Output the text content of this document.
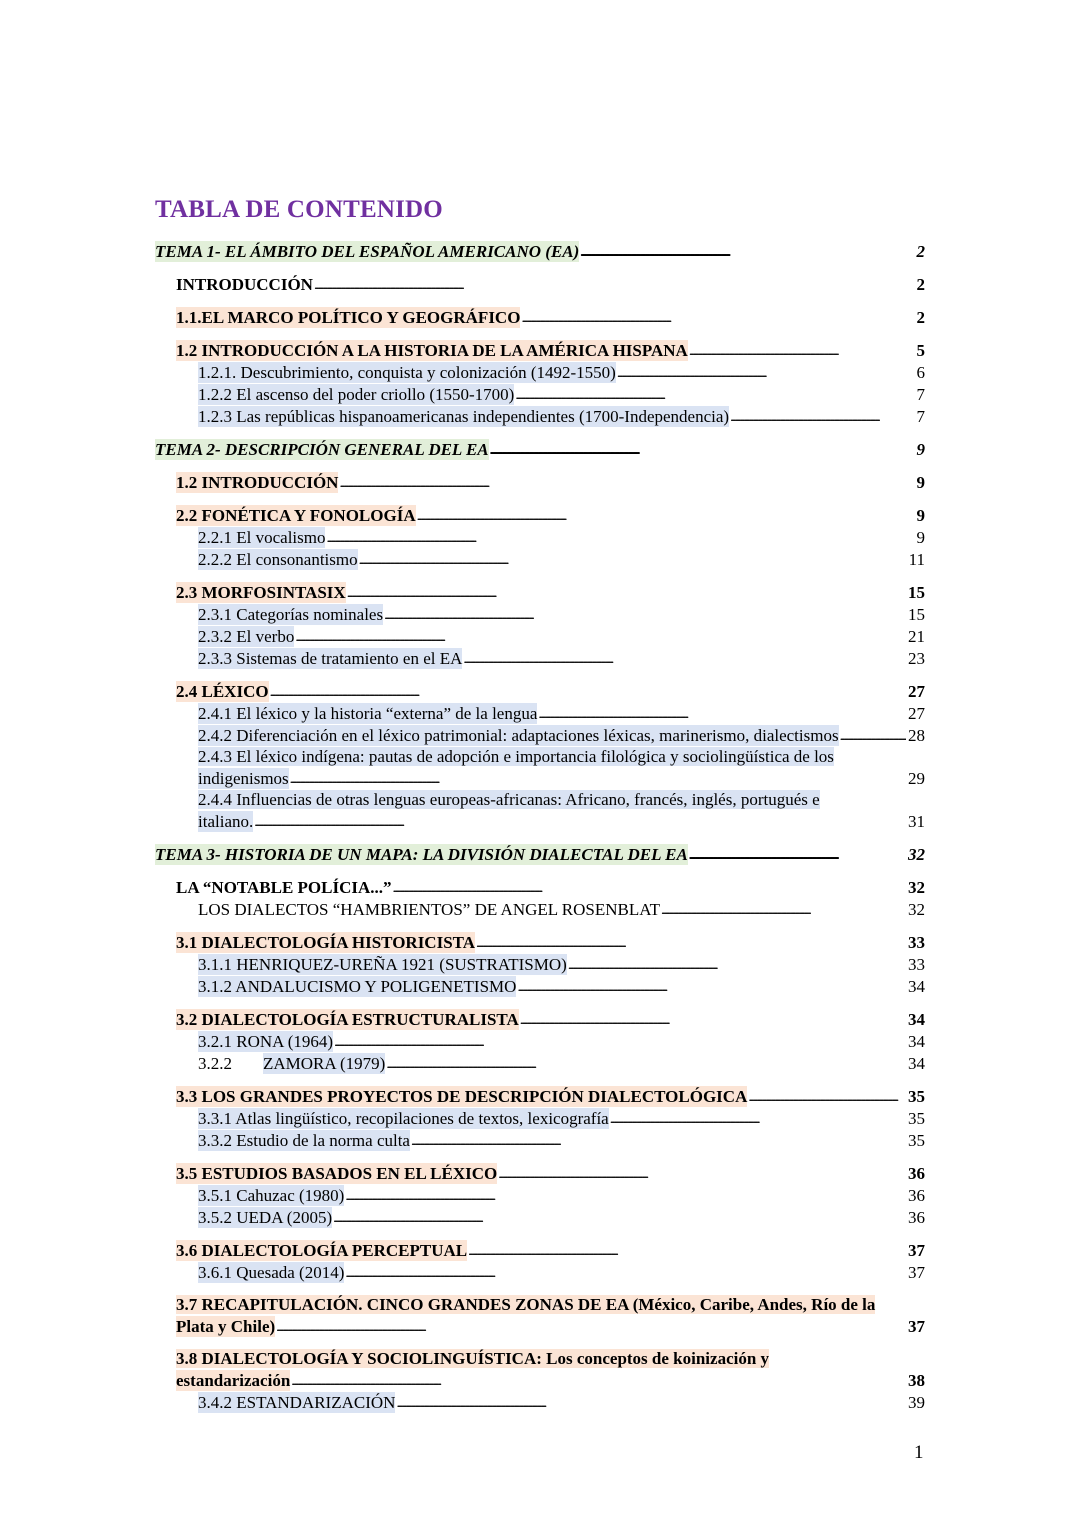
TABLA DE CONTENIDO
TEMA 1- EL ÁMBITO DEL ESPAÑOL AMERICANO (EA) . . .	2
INTRODUCCIÓN . . .	2
1.1.EL MARCO POLÍTICO Y GEOGRÁFICO . . .	2
1.2 INTRODUCCIÓN A LA HISTORIA DE LA AMÉRICA HISPANA . . .	5
1.2.1. Descubrimiento, conquista y colonización (1492-1550) . . .	6
1.2.2 El ascenso del poder criollo (1550-1700) . . .	7
1.2.3 Las repúblicas hispanoamericanas independientes (1700-Independencia) . . .	7
TEMA 2- DESCRIPCIÓN GENERAL DEL EA . . .	9
1.2 INTRODUCCIÓN . . .	9
2.2 FONÉTICA Y FONOLOGÍA . . .	9
2.2.1 El vocalismo . . .	9
2.2.2 El consonantismo . . .	11
2.3 MORFOSINTASIX . . .	15
2.3.1 Categorías nominales . . .	15
2.3.2 El verbo . . .	21
2.3.3 Sistemas de tratamiento en el EA . . .	23
2.4 LÉXICO . . .	27
2.4.1 El léxico y la historia “externa” de la lengua . . .	27
2.4.2 Diferenciación en el léxico patrimonial: adaptaciones léxicas, marinerismo, dialectismos . . .	28
2.4.3 El léxico indígena: pautas de adopción e importancia filológica y sociolingüística de los
indigenismos . . .	29
2.4.4 Influencias de otras lenguas europeas-africanas: Africano, francés, inglés, portugués e
italiano. . . .	31
TEMA 3- HISTORIA DE UN MAPA: LA DIVISIÓN DIALECTAL DEL EA . . .	32
LA “NOTABLE POLÍCIA...” . . .	32
LOS DIALECTOS “HAMBRIENTOS” DE ANGEL ROSENBLAT . . .	32
3.1 DIALECTOLOGÍA HISTORICISTA . . .	33
3.1.1 HENRIQUEZ-UREÑA 1921 (SUSTRATISMO) . . .	33
3.1.2 ANDALUCISMO Y POLIGENETISMO . . .	34
3.2 DIALECTOLOGÍA ESTRUCTURALISTA . . .	34
3.2.1 RONA (1964) . . .	34
3.2.2	ZAMORA (1979) . . .	34
3.3 LOS GRANDES PROYECTOS DE DESCRIPCIÓN DIALECTOLÓGICA . . .	35
3.3.1 Atlas lingüístico, recopilaciones de textos, lexicografía . . .	35
3.3.2 Estudio de la norma culta . . .	35
3.5 ESTUDIOS BASADOS EN EL LÉXICO . . .	36
3.5.1 Cahuzac (1980) . . .	36
3.5.2 UEDA (2005) . . .	36
3.6 DIALECTOLOGÍA PERCEPTUAL . . .	37
3.6.1 Quesada (2014) . . .	37
3.7 RECAPITULACIÓN. CINCO GRANDES ZONAS DE EA (México, Caribe, Andes, Río de la
Plata y Chile) . . .	37
3.8 DIALECTOLOGÍA Y SOCIOLINGUÍSTICA: Los conceptos de koinización y
estandarización . . .	38
3.4.2 ESTANDARIZACIÓN . . .	39
1
